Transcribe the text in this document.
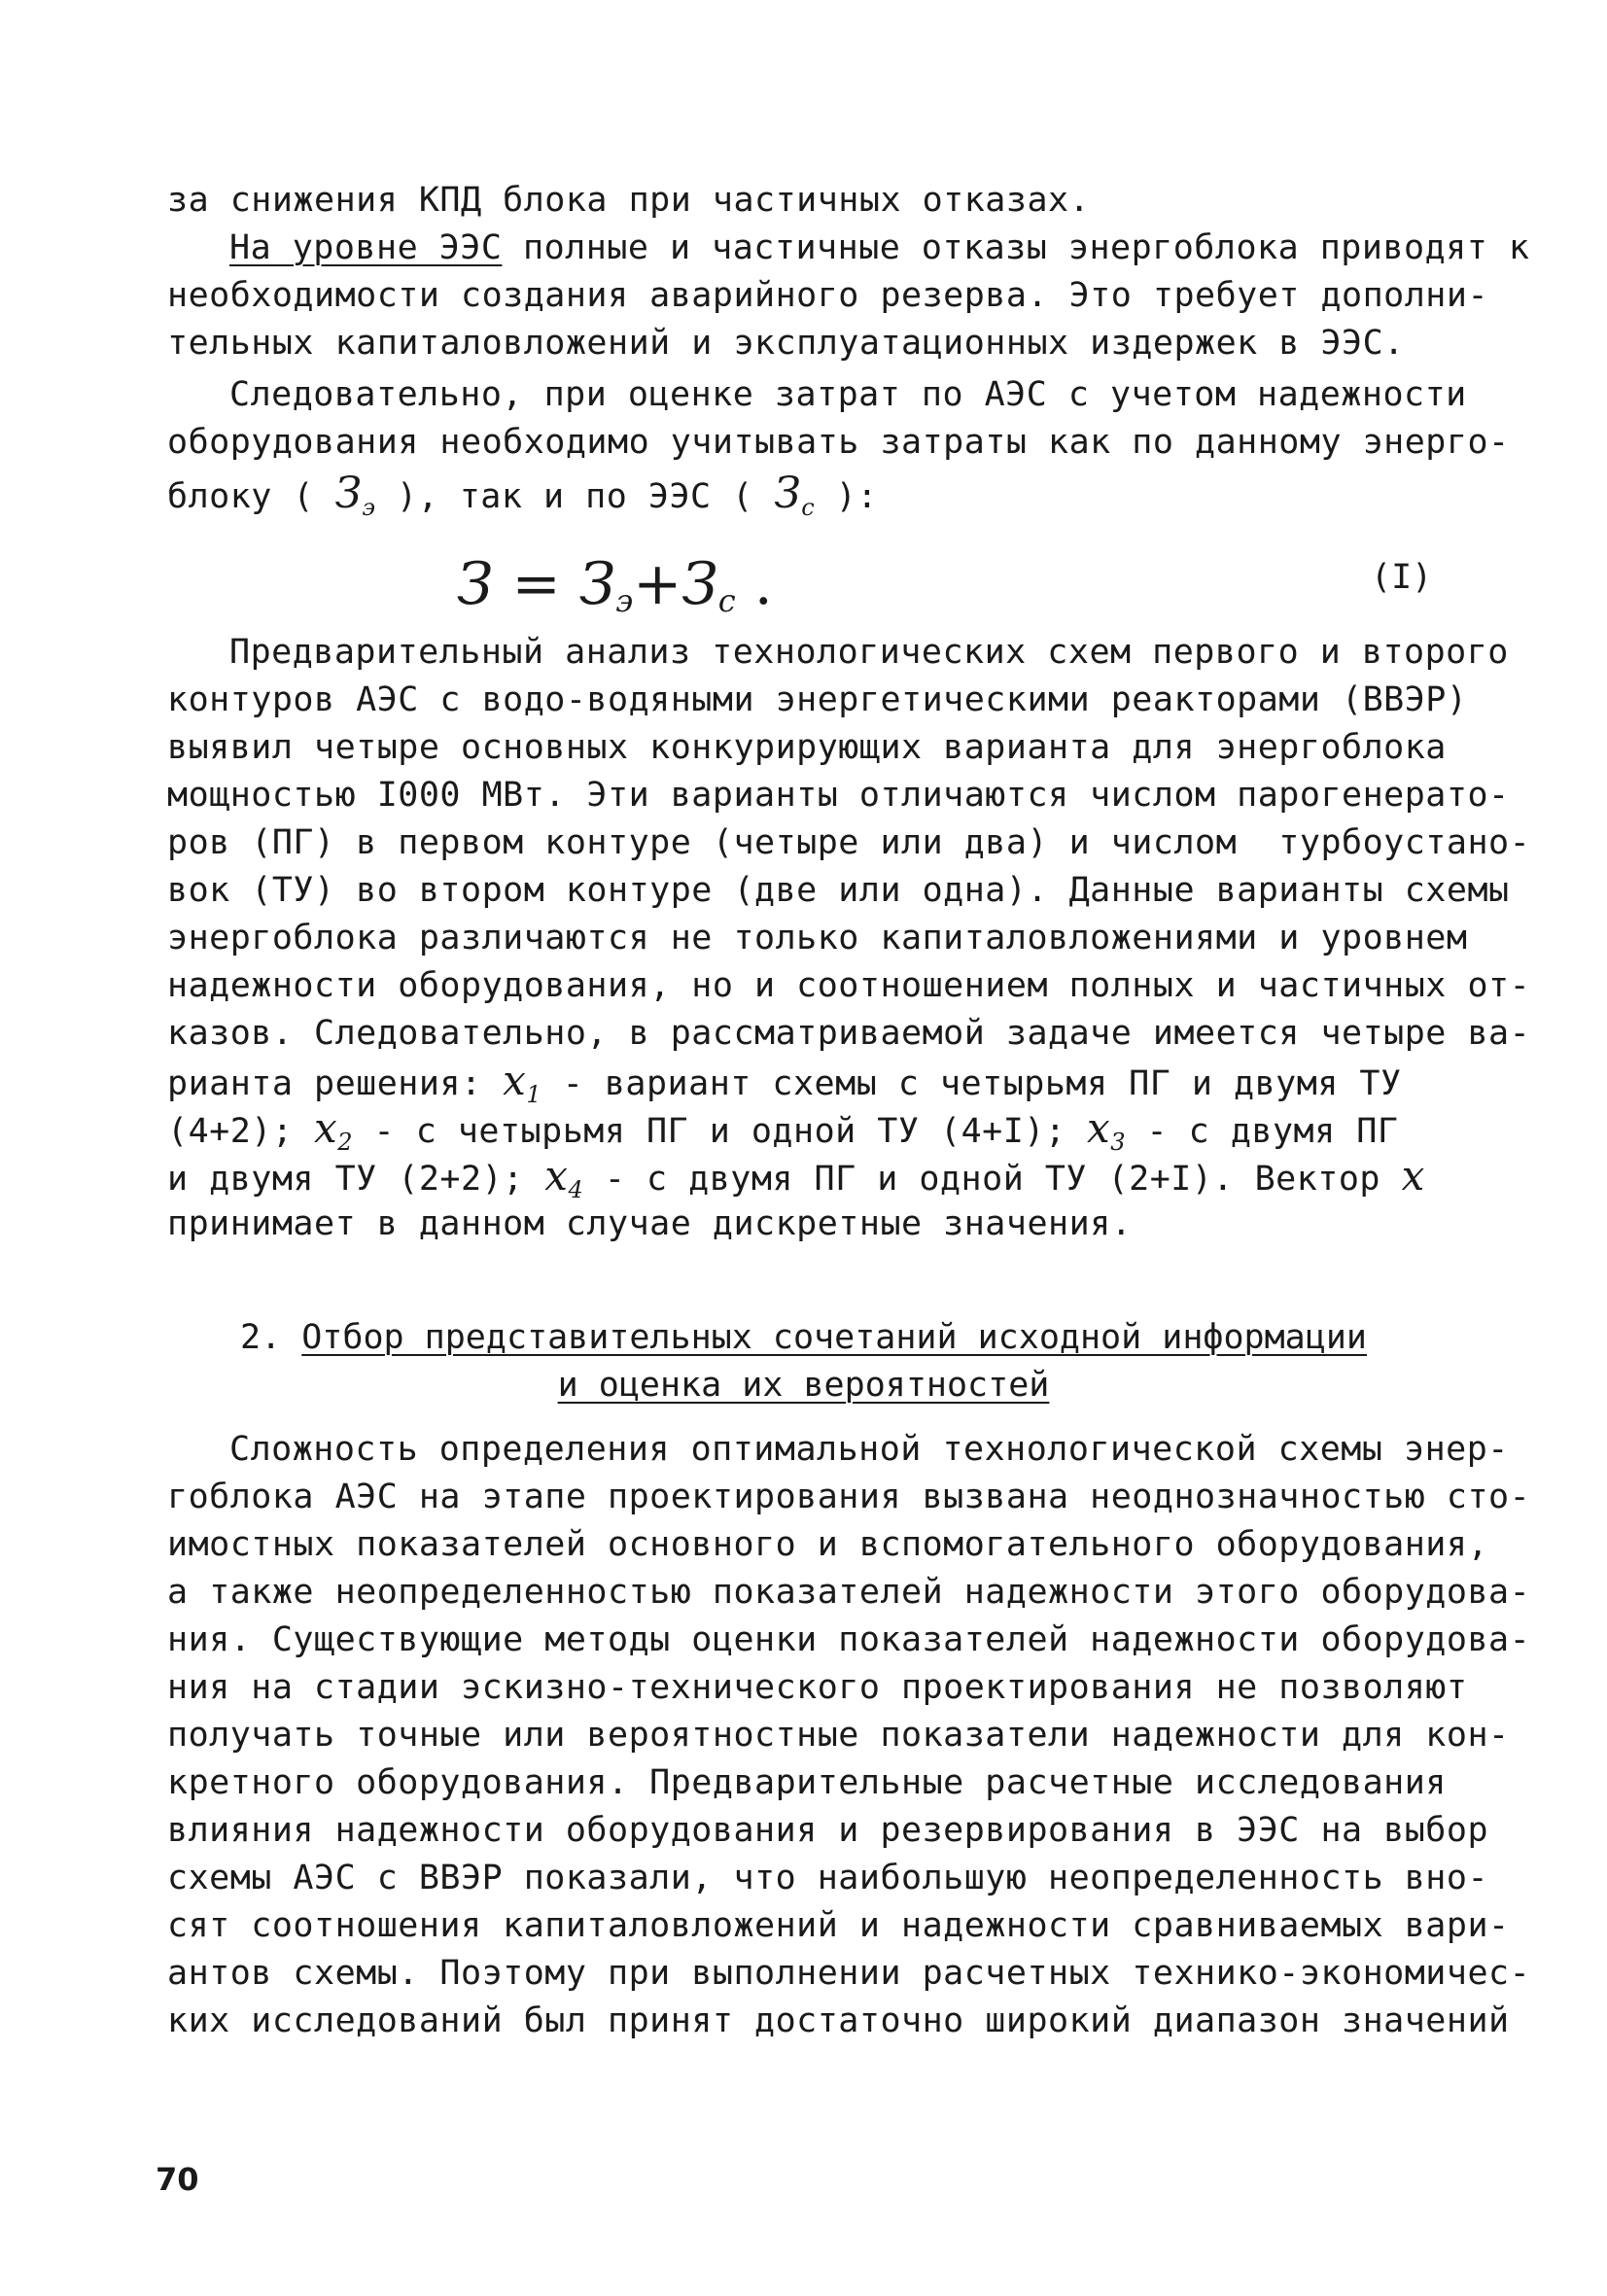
за снижения КПД блока при частичных отказах.
На уровне ЭЭС полные и частичные отказы энергоблока приводят к
необходимости создания аварийного резерва. Это требует дополни-
тельных капиталовложений и эксплуатационных издержек в ЭЭС.
Следовательно, при оценке затрат по АЭС с учетом надежности
оборудования необходимо учитывать затраты как по данному энерго-
блоку ( $З_э$ ), так и по ЭЭС ( $З_с$ ):
$З = З_э+З_с$ .	(I)
Предварительный анализ технологических схем первого и второго
контуров АЭС с водо-водяными энергетическими реакторами (ВВЭР)
выявил четыре основных конкурирующих варианта для энергоблока
мощностью I000 МВт. Эти варианты отличаются числом парогенерато-
ров (ПГ) в первом контуре (четыре или два) и числом  турбоустано-
вок (ТУ) во втором контуре (две или одна). Данные варианты схемы
энергоблока различаются не только капиталовложениями и уровнем
надежности оборудования, но и соотношением полных и частичных от-
казов. Следовательно, в рассматриваемой задаче имеется четыре ва-
рианта решения: $x_1$ - вариант схемы с четырьмя ПГ и двумя ТУ
(4+2); $x_2$ - с четырьмя ПГ и одной ТУ (4+I); $x_3$ - с двумя ПГ
и двумя ТУ (2+2); $x_4$ - с двумя ПГ и одной ТУ (2+I). Вектор x
принимает в данном случае дискретные значения.
2. Отбор представительных сочетаний исходной информации
и оценка их вероятностей
Сложность определения оптимальной технологической схемы энер-
гоблока АЭС на этапе проектирования вызвана неоднозначностью сто-
имостных показателей основного и вспомогательного оборудования,
а также неопределенностью показателей надежности этого оборудова-
ния. Существующие методы оценки показателей надежности оборудова-
ния на стадии эскизно-технического проектирования не позволяют
получать точные или вероятностные показатели надежности для кон-
кретного оборудования. Предварительные расчетные исследования
влияния надежности оборудования и резервирования в ЭЭС на выбор
схемы АЭС с ВВЭР показали, что наибольшую неопределенность вно-
сят соотношения капиталовложений и надежности сравниваемых вари-
антов схемы. Поэтому при выполнении расчетных технико-экономичес-
ких исследований был принят достаточно широкий диапазон значений
70
